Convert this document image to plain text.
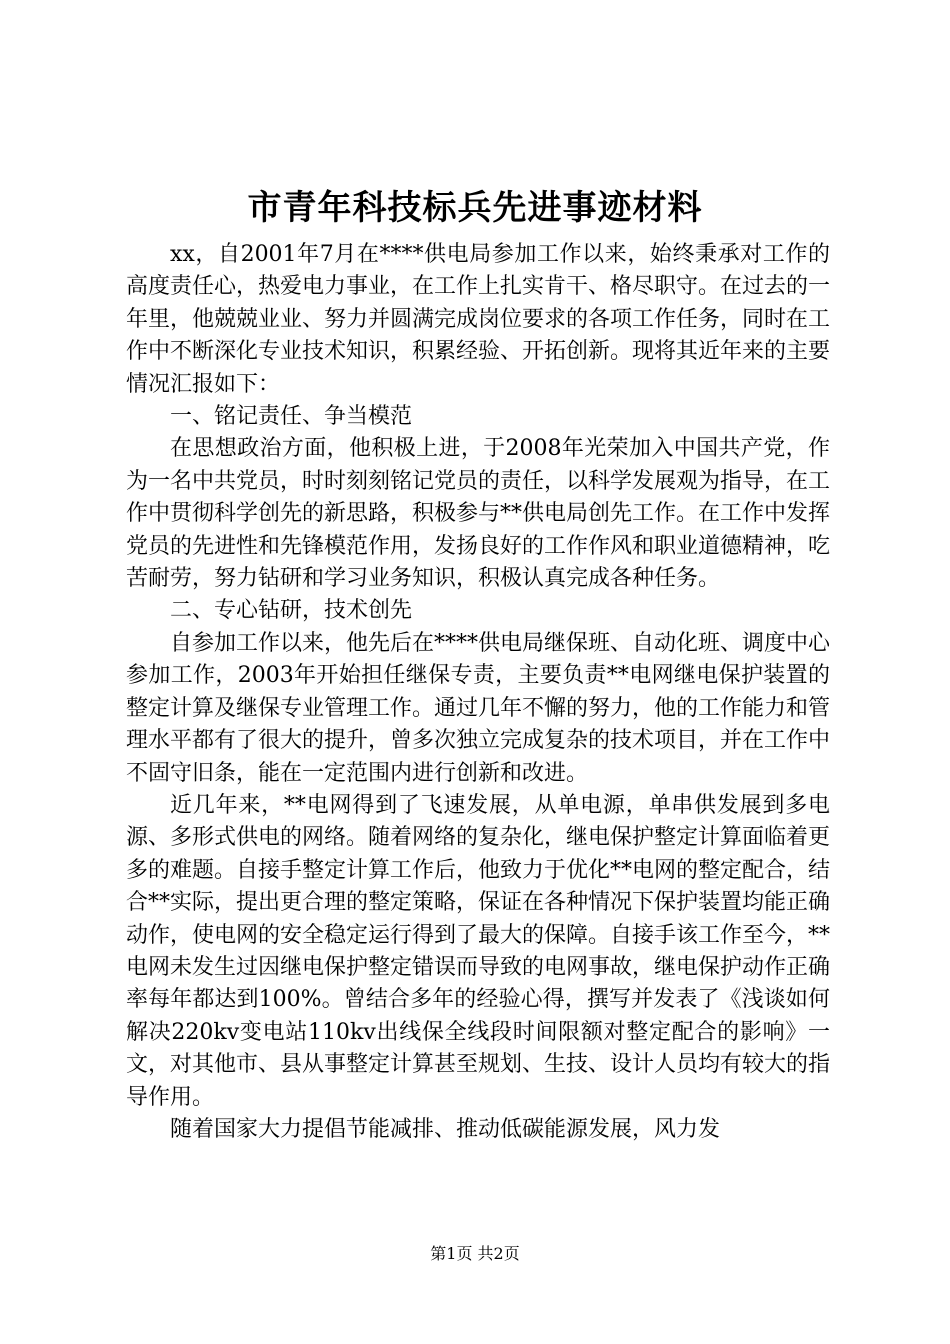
市青年科技标兵先进事迹材料

xx，自2001年7月在****供电局参加工作以来，始终秉承对工作的高度责任心，热爱电力事业，在工作上扎实肯干、格尽职守。在过去的一年里，他兢兢业业、努力并圆满完成岗位要求的各项工作任务，同时在工作中不断深化专业技术知识，积累经验、开拓创新。现将其近年来的主要情况汇报如下：

一、铭记责任、争当模范

在思想政治方面，他积极上进，于2008年光荣加入中国共产党，作为一名中共党员，时时刻刻铭记党员的责任，以科学发展观为指导，在工作中贯彻科学创先的新思路，积极参与**供电局创先工作。在工作中发挥党员的先进性和先锋模范作用，发扬良好的工作作风和职业道德精神，吃苦耐劳，努力钻研和学习业务知识，积极认真完成各种任务。

二、专心钻研，技术创先

自参加工作以来，他先后在****供电局继保班、自动化班、调度中心参加工作，2003年开始担任继保专责，主要负责**电网继电保护装置的整定计算及继保专业管理工作。通过几年不懈的努力，他的工作能力和管理水平都有了很大的提升，曾多次独立完成复杂的技术项目，并在工作中不固守旧条，能在一定范围内进行创新和改进。

近几年来，**电网得到了飞速发展，从单电源，单串供发展到多电源、多形式供电的网络。随着网络的复杂化，继电保护整定计算面临着更多的难题。自接手整定计算工作后，他致力于优化**电网的整定配合，结合**实际，提出更合理的整定策略，保证在各种情况下保护装置均能正确动作，使电网的安全稳定运行得到了最大的保障。自接手该工作至今，**电网未发生过因继电保护整定错误而导致的电网事故，继电保护动作正确率每年都达到100%。曾结合多年的经验心得，撰写并发表了《浅谈如何解决220kv变电站110kv出线保全线段时间限额对整定配合的影响》一文，对其他市、县从事整定计算甚至规划、生技、设计人员均有较大的指导作用。

随着国家大力提倡节能减排、推动低碳能源发展，风力发

第1页 共2页
